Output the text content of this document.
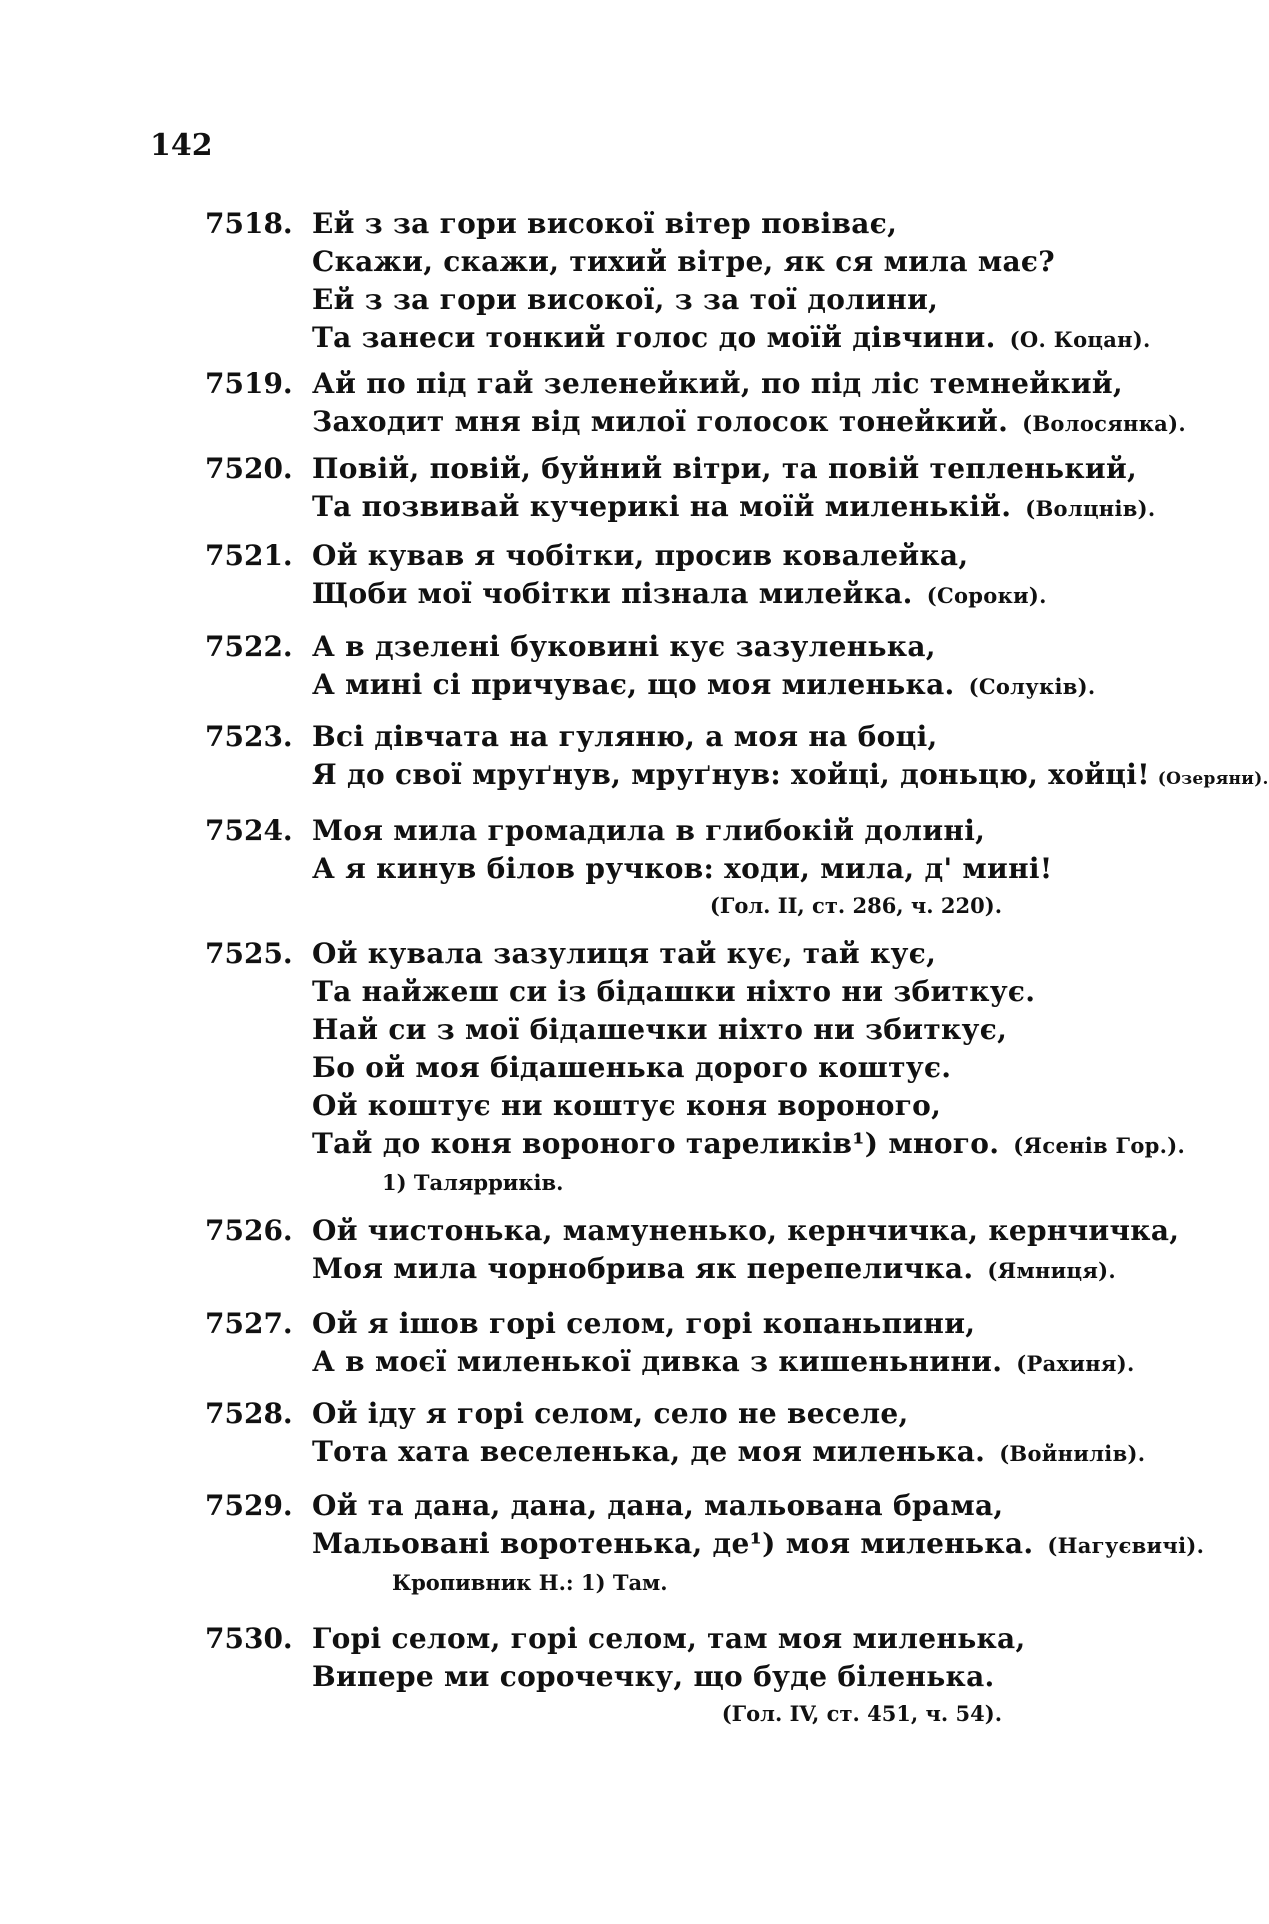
142
7518. Ей з за гори високої вітер повіває,
Скажи, скажи, тихий вітре, як ся мила має?
Ей з за гори високої, з за тої долини,
Та занеси тонкий голос до моїй дівчини. (О. Коцан).
7519. Ай по під гай зеленейкий, по під ліс темнейкий,
Заходит мня від милої голосок тонейкий. (Волосянка).
7520. Повій, повій, буйний вітри, та повій тепленький,
Та позвивай кучерикі на моїй миленькій. (Волцнів).
7521. Ой кував я чобітки, просив ковалейка,
Щоби мої чобітки пізнала милейка. (Сороки).
7522. А в дзелені буковині кує зазуленька,
А мині сі причуває, що моя миленька. (Солуків).
7523. Всі дівчата на гуляню, а моя на боці,
Я до свої мруґнув, мруґнув: хойці, доньцю, хойці! (Озеряни).
7524. Моя мила громадила в глибокій долині,
А я кинув білов ручков: ходи, мила, д' мині!
(Гол. II, ст. 286, ч. 220).
7525. Ой кувала зазулиця тай кує, тай кує,
Та найжеш си із бідашки ніхто ни збиткує.
Най си з мої бідашечки ніхто ни збиткує,
Бо ой моя бідашенька дорого коштує.
Ой коштує ни коштує коня вороного,
Тай до коня вороного тареликів¹) много. (Ясенів Гор.).
1) Талярриків.
7526. Ой чистонька, мамуненько, кернчичка, кернчичка,
Моя мила чорнобрива як перепеличка. (Ямниця).
7527. Ой я ішов горі селом, горі копаньпини,
А в моєї миленької дивка з кишеньнини. (Рахиня).
7528. Ой іду я горі селом, село не веселе,
Тота хата веселенька, де моя миленька. (Войнилів).
7529. Ой та дана, дана, дана, мальована брама,
Мальовані воротенька, де¹) моя миленька. (Нагуєвичі).
Кропивник Н.: 1) Там.
7530. Горі селом, горі селом, там моя миленька,
Випере ми сорочечку, що буде біленька.
(Гол. IV, ст. 451, ч. 54).
